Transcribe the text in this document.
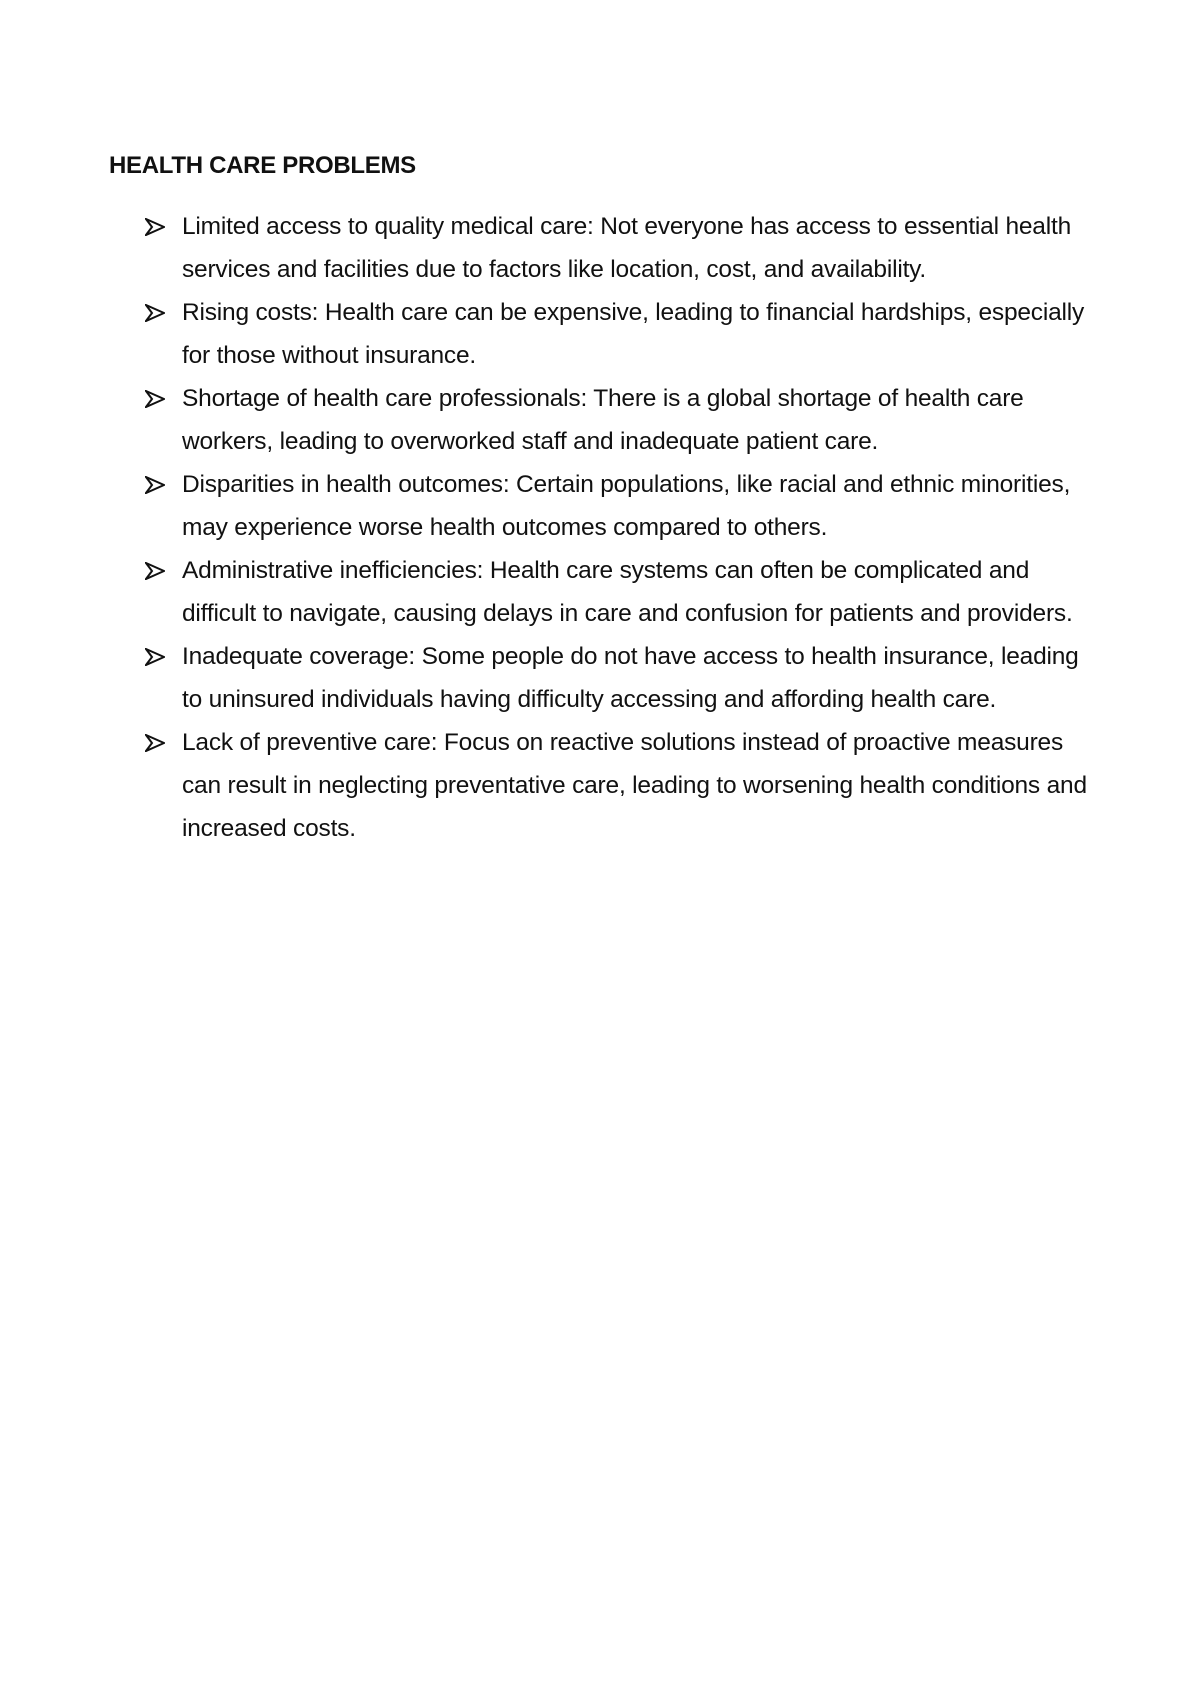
HEALTH CARE PROBLEMS
Limited access to quality medical care: Not everyone has access to essential health services and facilities due to factors like location, cost, and availability.
Rising costs: Health care can be expensive, leading to financial hardships, especially for those without insurance.
Shortage of health care professionals: There is a global shortage of health care workers, leading to overworked staff and inadequate patient care.
Disparities in health outcomes: Certain populations, like racial and ethnic minorities, may experience worse health outcomes compared to others.
Administrative inefficiencies: Health care systems can often be complicated and difficult to navigate, causing delays in care and confusion for patients and providers.
Inadequate coverage: Some people do not have access to health insurance, leading to uninsured individuals having difficulty accessing and affording health care.
Lack of preventive care: Focus on reactive solutions instead of proactive measures can result in neglecting preventative care, leading to worsening health conditions and increased costs.
